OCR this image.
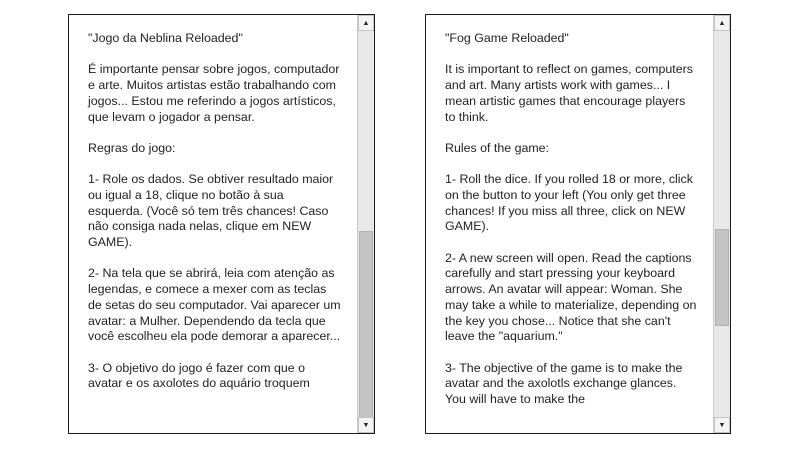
"Jogo da Neblina Reloaded"

É importante pensar sobre jogos, computador e arte. Muitos artistas estão trabalhando com jogos... Estou me referindo a jogos artísticos, que levam o jogador a pensar.

Regras do jogo:

1- Role os dados. Se obtiver resultado maior ou igual a 18, clique no botão à sua esquerda. (Você só tem três chances! Caso não consiga nada nelas, clique em NEW GAME).

2- Na tela que se abrirá, leia com atenção as legendas, e comece a mexer com as teclas de setas do seu computador. Vai aparecer um avatar: a Mulher. Dependendo da tecla que você escolheu ela pode demorar a aparecer...

3- O objetivo do jogo é fazer com que o avatar e os axolotes do aquário troquem

▲
▼

"Fog Game Reloaded"

It is important to reflect on games, computers and art. Many artists work with games... I mean artistic games that encourage players to think.

Rules of the game:

1- Roll the dice. If you rolled 18 or more, click on the button to your left (You only get three chances! If you miss all three, click on NEW GAME).

2- A new screen will open. Read the captions carefully and start pressing your keyboard arrows. An avatar will appear: Woman. She may take a while to materialize, depending on the key you chose... Notice that she can't leave the "aquarium."

3- The objective of the game is to make the avatar and the axolotls exchange glances. You will have to make the

▲
▼
